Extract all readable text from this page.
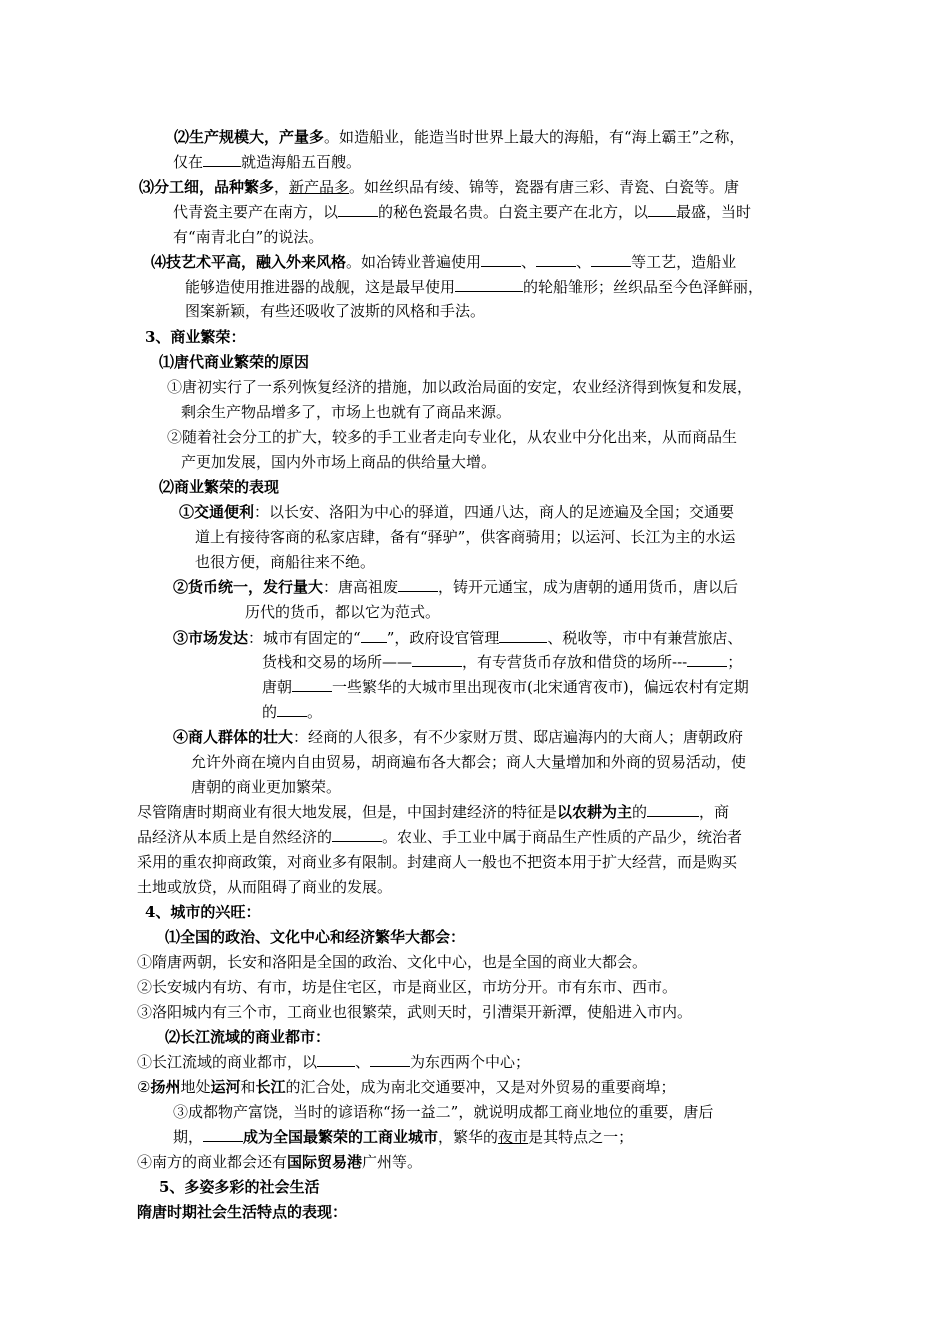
⑵生产规模大，产量多。如造船业，能造当时世界上最大的海船，有“海上霸王”之称，
仅在	就造海船五百艘。
⑶分工细，品种繁多，新产品多。如丝织品有绫、锦等，瓷器有唐三彩、青瓷、白瓷等。唐
代青瓷主要产在南方，以	的秘色瓷最名贵。白瓷主要产在北方，以 最盛，当时
有“南青北白”的说法。
⑷技艺术平高，融入外来风格。如冶铸业普遍使用	、	、	等工艺，造船业
能够造使用推进器的战舰，这是最早使用	的轮船雏形；丝织品至今色泽鲜丽，
图案新颖，有些还吸收了波斯的风格和手法。
3、商业繁荣：
⑴唐代商业繁荣的原因
①唐初实行了一系列恢复经济的措施，加以政治局面的安定，农业经济得到恢复和发展，
剩余生产物品增多了，市场上也就有了商品来源。
②随着社会分工的扩大，较多的手工业者走向专业化，从农业中分化出来，从而商品生
产更加发展，国内外市场上商品的供给量大增。
⑵商业繁荣的表现
①交通便利：以长安、洛阳为中心的驿道，四通八达，商人的足迹遍及全国；交通要
道上有接待客商的私家店肆，备有“驿驴”，供客商骑用；以运河、长江为主的水运
也很方便，商船往来不绝。
②货币统一，发行量大：唐高祖废	，铸开元通宝，成为唐朝的通用货币，唐以后
历代的货币，都以它为范式。
③市场发达：城市有固定的“ ”，政府设官管理	、税收等，市中有兼营旅店、
货栈和交易的场所——	，有专营货币存放和借贷的场所---	；
唐朝	一些繁华的大城市里出现夜市(北宋通宵夜市)，偏远农村有定期
的 。
④商人群体的壮大：经商的人很多，有不少家财万贯、邸店遍海内的大商人；唐朝政府
允许外商在境内自由贸易，胡商遍布各大都会；商人大量增加和外商的贸易活动，使
唐朝的商业更加繁荣。
尽管隋唐时期商业有很大地发展，但是，中国封建经济的特征是以农耕为主的	，商
品经济从本质上是自然经济的	。农业、手工业中属于商品生产性质的产品少，统治者
采用的重农抑商政策，对商业多有限制。封建商人一般也不把资本用于扩大经营，而是购买
土地或放贷，从而阻碍了商业的发展。
4、城市的兴旺：
⑴全国的政治、文化中心和经济繁华大都会：
①隋唐两朝，长安和洛阳是全国的政治、文化中心，也是全国的商业大都会。
②长安城内有坊、有市，坊是住宅区，市是商业区，市坊分开。市有东市、西市。
③洛阳城内有三个市，工商业也很繁荣，武则天时，引漕渠开新潭，使船进入市内。
⑵长江流域的商业都市：
①长江流域的商业都市，以	、	为东西两个中心；
②扬州地处运河和长江的汇合处，成为南北交通要冲，又是对外贸易的重要商埠；
③成都物产富饶，当时的谚语称“扬一益二”，就说明成都工商业地位的重要，唐后
期，	成为全国最繁荣的工商业城市，繁华的夜市是其特点之一；
④南方的商业都会还有国际贸易港广州等。
5、多姿多彩的社会生活
隋唐时期社会生活特点的表现：
